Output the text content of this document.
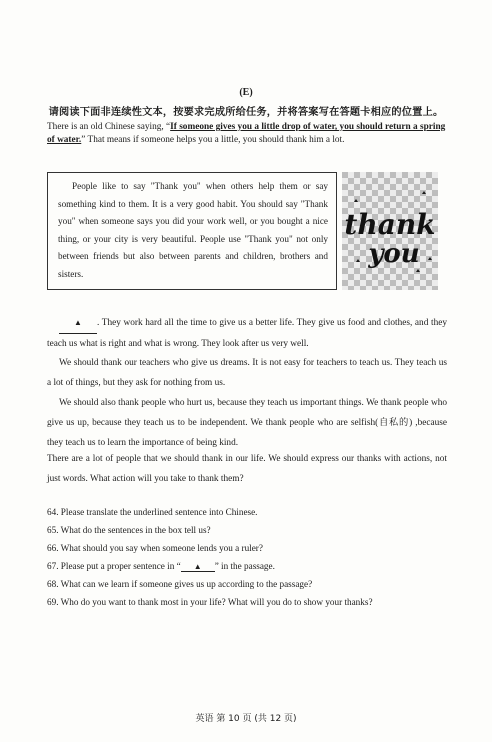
(E)
请阅读下面非连续性文本，按要求完成所给任务，并将答案写在答题卡相应的位置上。
There is an old Chinese saying, “If someone gives you a little drop of water, you should return a spring of water.” That means if someone helps you a little, you should thank him a lot.
People like to say "Thank you" when others help them or say something kind to them. It is a very good habit. You should say "Thank you" when someone says you did your work well, or you bought a nice thing, or your city is very beautiful. People use "Thank you" not only between friends but also between parents and children, brothers and sisters.
thank
you
▲ . They work hard all the time to give us a better life. They give us food and clothes, and they teach us what is right and what is wrong. They look after us very well.
We should thank our teachers who give us dreams. It is not easy for teachers to teach us. They teach us a lot of things, but they ask for nothing from us.
We should also thank people who hurt us, because they teach us important things. We thank people who give us up, because they teach us to be independent. We thank people who are selfish(自私的) ,because they teach us to learn the importance of being kind.
There are a lot of people that we should thank in our life. We should express our thanks with actions, not just words. What action will you take to thank them?
64. Please translate the underlined sentence into Chinese.
65. What do the sentences in the box tell us?
66. What should you say when someone lends you a ruler?
67. Please put a proper sentence in “ ▲ ” in the passage.
68. What can we learn if someone gives us up according to the passage?
69. Who do you want to thank most in your life? What will you do to show your thanks?
英语 第 10 页 (共 12 页)
